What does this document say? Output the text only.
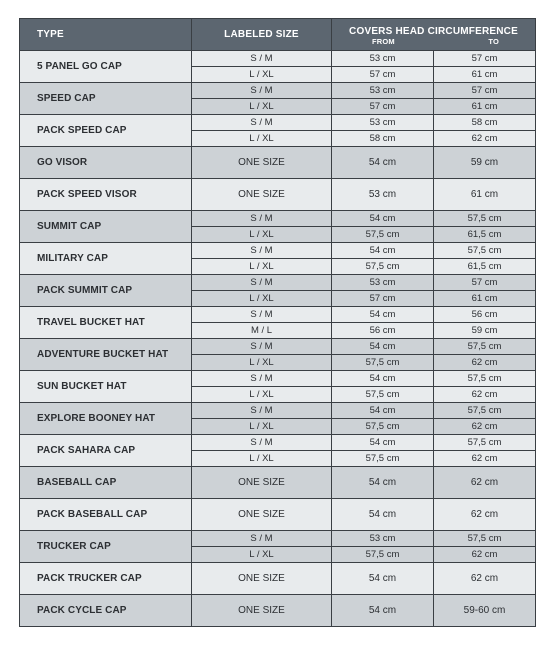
TYPE	LABELED SIZE	COVERS HEAD CIRCUMFERENCE
FROM TO	

5 PANEL GO CAP	S / M	53 cm	57 cm
	L / XL	57 cm	61 cm
SPEED CAP	S / M	53 cm	57 cm
	L / XL	57 cm	61 cm
PACK SPEED CAP	S / M	53 cm	58 cm
	L / XL	58 cm	62 cm
GO VISOR	ONE SIZE	54 cm	59 cm
PACK SPEED VISOR	ONE SIZE	53 cm	61 cm
SUMMIT CAP	S / M	54 cm	57,5 cm
	L / XL	57,5 cm	61,5 cm
MILITARY CAP	S / M	54 cm	57,5 cm
	L / XL	57,5 cm	61,5 cm
PACK SUMMIT CAP	S / M	53 cm	57 cm
	L / XL	57 cm	61 cm
TRAVEL BUCKET HAT	S / M	54 cm	56 cm
	M / L	56 cm	59 cm
ADVENTURE BUCKET HAT	S / M	54 cm	57,5 cm
	L / XL	57,5 cm	62 cm
SUN BUCKET HAT	S / M	54 cm	57,5 cm
	L / XL	57,5 cm	62 cm
EXPLORE BOONEY HAT	S / M	54 cm	57,5 cm
	L / XL	57,5 cm	62 cm
PACK SAHARA CAP	S / M	54 cm	57,5 cm
	L / XL	57,5 cm	62 cm
BASEBALL CAP	ONE SIZE	54 cm	62 cm
PACK BASEBALL CAP	ONE SIZE	54 cm	62 cm
TRUCKER CAP	S / M	53 cm	57,5 cm
	L / XL	57,5 cm	62 cm
PACK TRUCKER CAP	ONE SIZE	54 cm	62 cm
PACK CYCLE CAP	ONE SIZE	54 cm	59-60 cm
